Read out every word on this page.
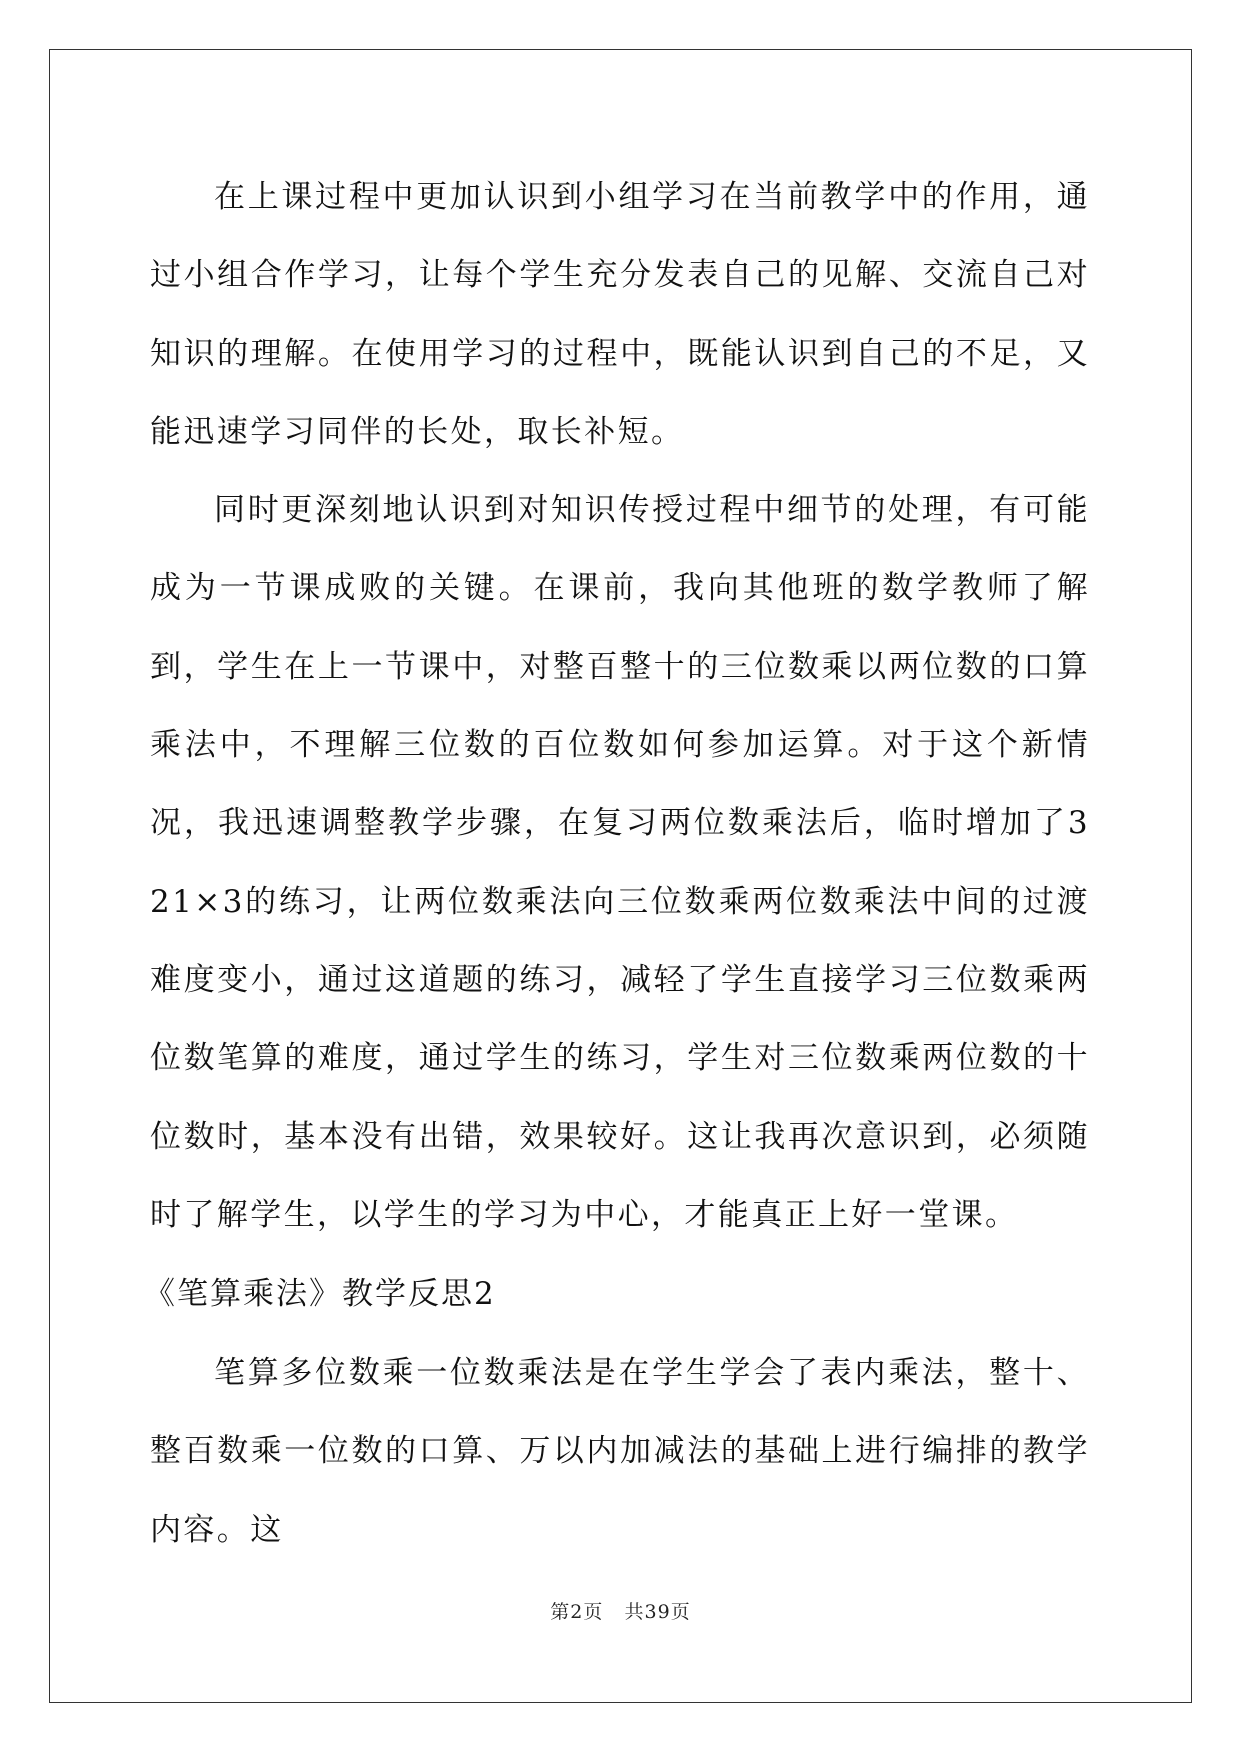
在上课过程中更加认识到小组学习在当前教学中的作用，通过小组合作学习，让每个学生充分发表自己的见解、交流自己对知识的理解。在使用学习的过程中，既能认识到自己的不足，又能迅速学习同伴的长处，取长补短。

同时更深刻地认识到对知识传授过程中细节的处理，有可能成为一节课成败的关键。在课前，我向其他班的数学教师了解到，学生在上一节课中，对整百整十的三位数乘以两位数的口算乘法中，不理解三位数的百位数如何参加运算。对于这个新情况，我迅速调整教学步骤，在复习两位数乘法后，临时增加了321×3的练习，让两位数乘法向三位数乘两位数乘法中间的过渡难度变小，通过这道题的练习，减轻了学生直接学习三位数乘两位数笔算的难度，通过学生的练习，学生对三位数乘两位数的十位数时，基本没有出错，效果较好。这让我再次意识到，必须随时了解学生，以学生的学习为中心，才能真正上好一堂课。

《笔算乘法》教学反思2

笔算多位数乘一位数乘法是在学生学会了表内乘法，整十、整百数乘一位数的口算、万以内加减法的基础上进行编排的教学内容。这

第2页 共39页
